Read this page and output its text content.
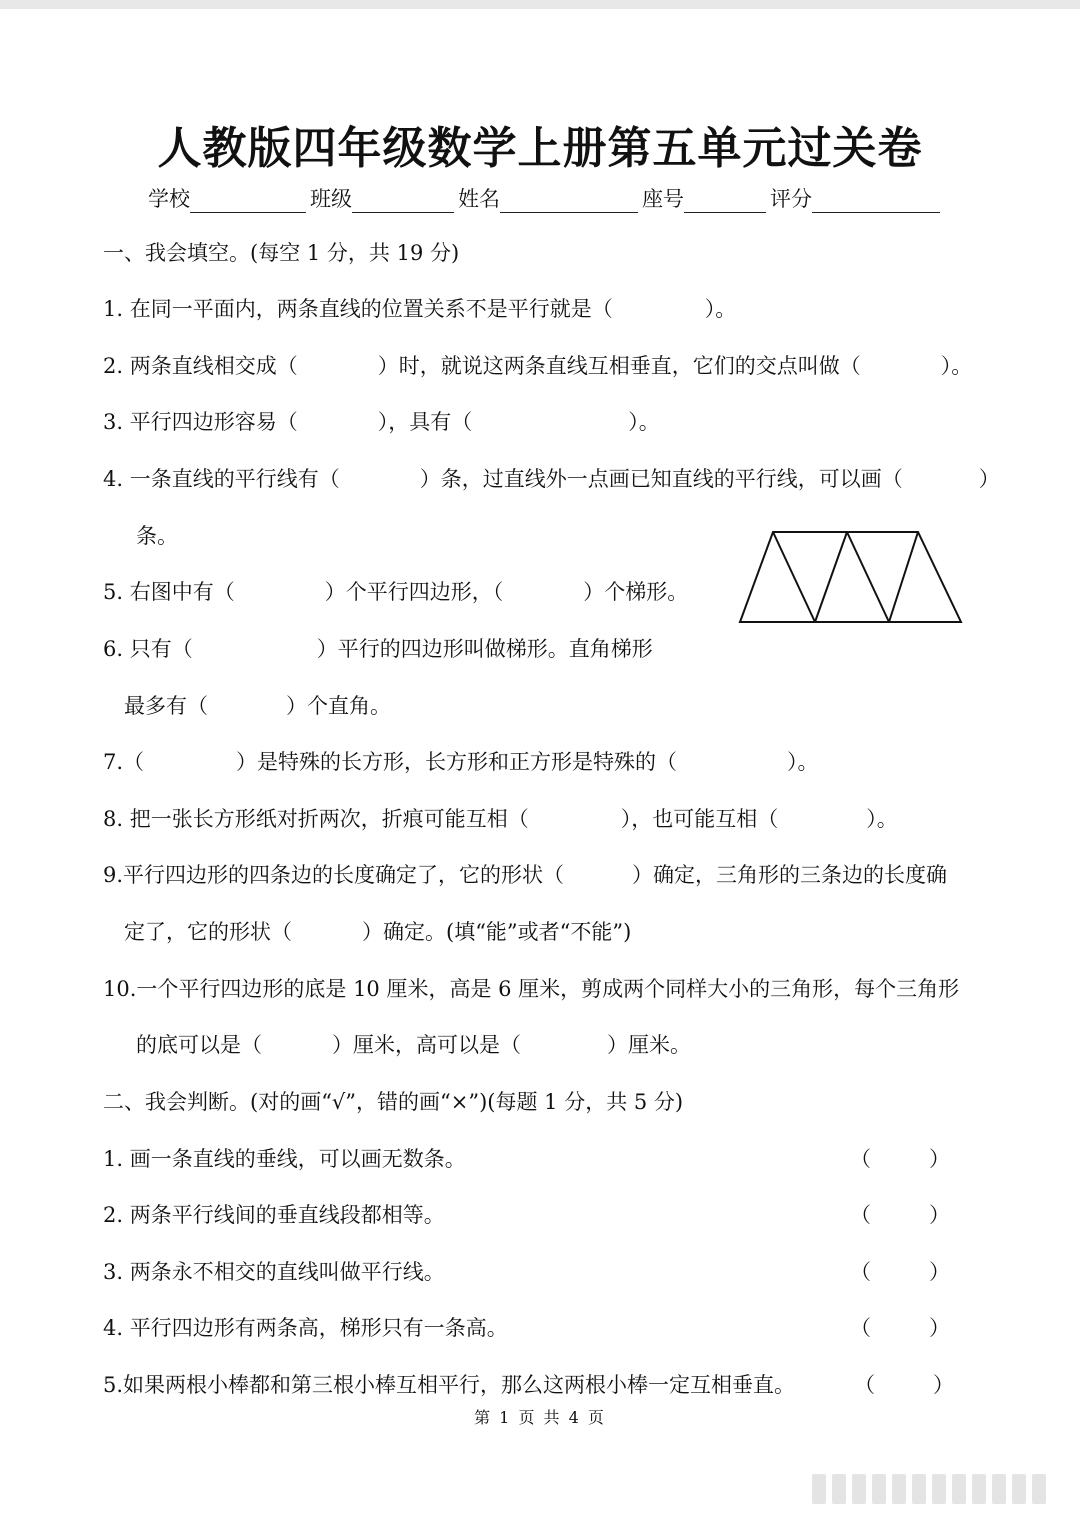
人教版四年级数学上册第五单元过关卷
学校	班级	姓名	座号	评分
一、我会填空。(每空 1 分，共 19 分)
1. 在同一平面内，两条直线的位置关系不是平行就是（	）。
2. 两条直线相交成（	）时，就说这两条直线互相垂直，它们的交点叫做（	）。
3. 平行四边形容易（	），具有（	）。
4. 一条直线的平行线有（	）条，过直线外一点画已知直线的平行线，可以画（	）
条。
5. 右图中有（	）个平行四边形，（	）个梯形。
6. 只有（	）平行的四边形叫做梯形。直角梯形
最多有（	）个直角。
7.（	）是特殊的长方形，长方形和正方形是特殊的（	）。
8. 把一张长方形纸对折两次，折痕可能互相（	），也可能互相（	）。
9.平行四边形的四条边的长度确定了，它的形状（	）确定，三角形的三条边的长度确
定了，它的形状（	）确定。(填“能”或者“不能”)
10.一个平行四边形的底是 10 厘米，高是 6 厘米，剪成两个同样大小的三角形，每个三角形
的底可以是（	）厘米，高可以是（	）厘米。
二、我会判断。(对的画“√”，错的画“×”)(每题 1 分，共 5 分)
1. 画一条直线的垂线，可以画无数条。	（	）
2. 两条平行线间的垂直线段都相等。	（	）
3. 两条永不相交的直线叫做平行线。	（	）
4. 平行四边形有两条高，梯形只有一条高。	（	）
5.如果两根小棒都和第三根小棒互相平行，那么这两根小棒一定互相垂直。	（	）
第 1 页 共 4 页
